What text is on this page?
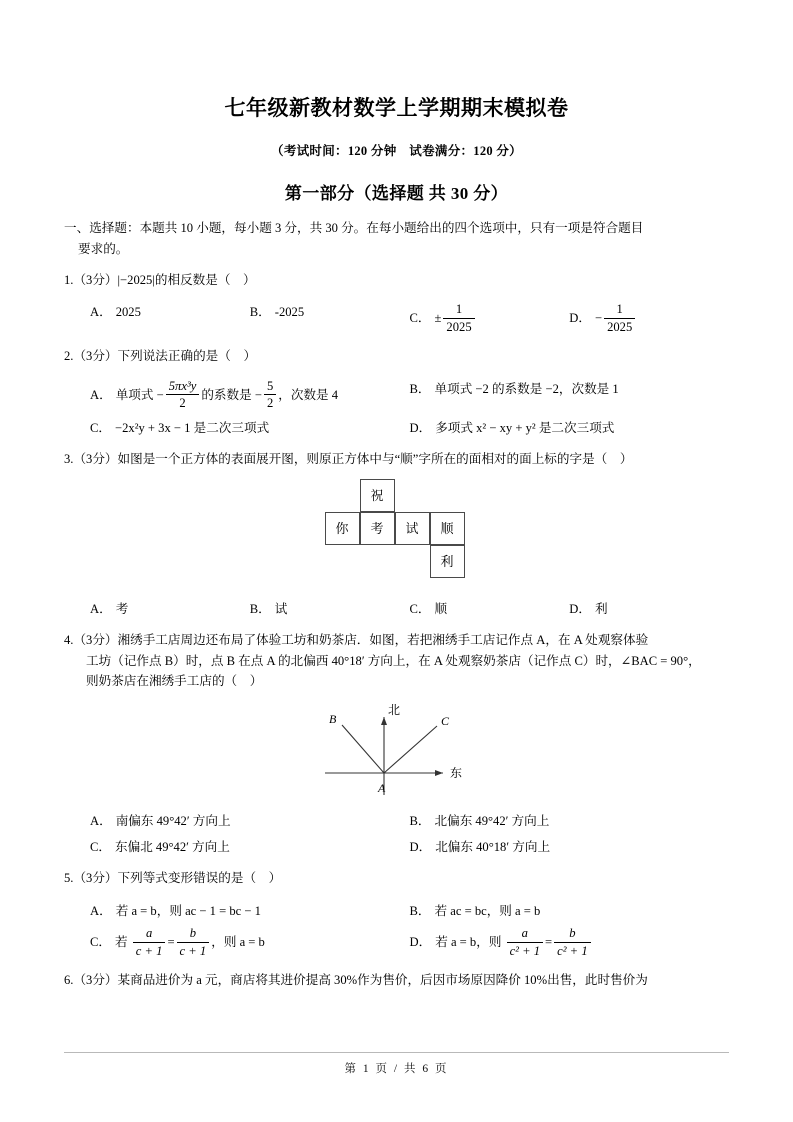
七年级新教材数学上学期期末模拟卷

（考试时间：120 分钟　试卷满分：120 分）

第一部分（选择题 共 30 分）

一、选择题：本题共 10 小题，每小题 3 分，共 30 分。在每小题给出的四个选项中，只有一项是符合题目
要求的。

1.（3分）|−2025|的相反数是（　）
A． 2025	B． -2025	C． ± $\frac{1}{2025}$	D． − $\frac{1}{2025}$
2.（3分）下列说法正确的是（　）
A． 单项式 − $\frac{\text{5πx³y}}{2}$ 的系数是 − $\frac{5}{2}$ ，次数是 4	B． 单项式 −2 的系数是 −2，次数是 1
C． −2x²y + 3x − 1 是二次三项式	D． 多项式 x² − xy + y² 是二次三项式
3.（3分）如图是一个正方体的表面展开图，则原正方体中与“顺”字所在的面相对的面上标的字是（　）
祝
你	考	试	顺
利
A． 考	B． 试	C． 顺	D． 利
4.（3分）湘绣手工店周边还布局了体验工坊和奶茶店．如图，若把湘绣手工店记作点 A，在 A 处观察体验
工坊（记作点 B）时，点 B 在点 A 的北偏西 40°18′ 方向上，在 A 处观察奶茶店（记作点 C）时，∠BAC = 90°，
则奶茶店在湘绣手工店的（　）
北
东
A
B	C
A． 南偏东 49°42′ 方向上	B． 北偏东 49°42′ 方向上
C． 东偏北 49°42′ 方向上	D． 北偏东 40°18′ 方向上
5.（3分）下列等式变形错误的是（　）
A． 若 a = b，则 ac − 1 = bc − 1	B． 若 ac = bc，则 a = b
C． 若 $\frac{a}{c + 1} = \frac{b}{c + 1}$ ，则 a = b	D． 若 a = b，则 $\frac{a}{\text{c² + 1}} = \frac{b}{\text{c² + 1}}$
6.（3分）某商品进价为 a 元，商店将其进价提高 30%作为售价，后因市场原因降价 10%出售，此时售价为
第 1 页 / 共 6 页
